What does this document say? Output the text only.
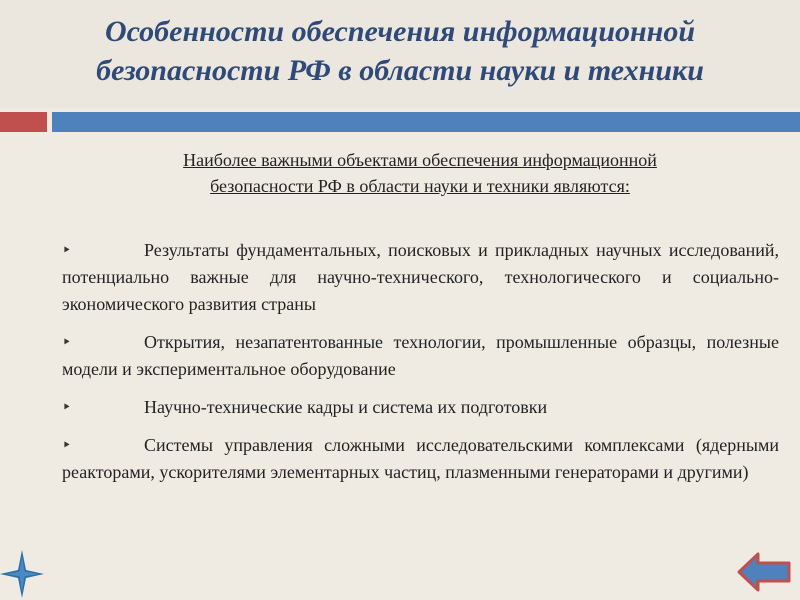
Особенности обеспечения информационной
безопасности РФ в области науки и техники
Наиболее важными объектами обеспечения информационной
безопасности РФ в области науки и техники являются:
⯈	Результаты фундаментальных, поисковых и прикладных научных исследований, потенциально важные для научно-технического, технологического и социально-экономического развития страны
⯈	Открытия, незапатентованные технологии, промышленные образцы, полезные модели и экспериментальное оборудование
⯈	Научно-технические кадры и система их подготовки
⯈	Системы управления сложными исследовательскими комплексами (ядерными реакторами, ускорителями элементарных частиц, плазменными генераторами и другими)
